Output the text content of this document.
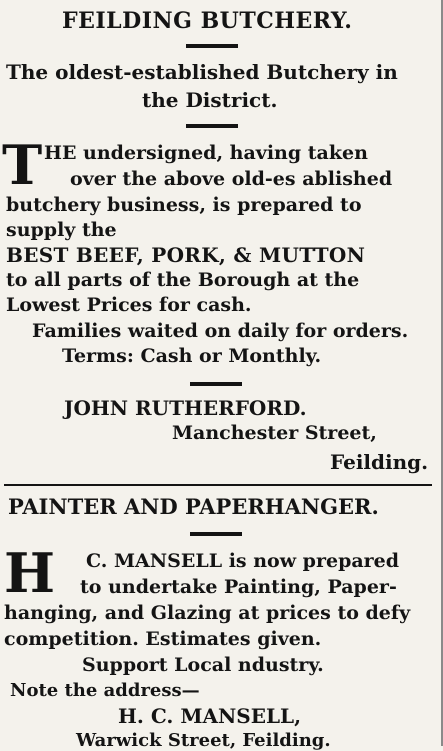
FEILDING BUTCHERY.
The oldest-established Butchery in
the District.
T HE undersigned, having taken
over the above old-es ablished
butchery business, is prepared to
supply the
BEST BEEF, PORK, & MUTTON
to all parts of the Borough at the
Lowest Prices for cash.
Families waited on daily for orders.
Terms: Cash or Monthly.
JOHN RUTHERFORD.
Manchester Street,
Feilding.
PAINTER AND PAPERHANGER.
H C. MANSELL is now prepared
to undertake Painting, Paper-
hanging, and Glazing at prices to defy
competition. Estimates given.
Support Local ndustry.
Note the address—
H. C. MANSELL,
Warwick Street, Feilding.
